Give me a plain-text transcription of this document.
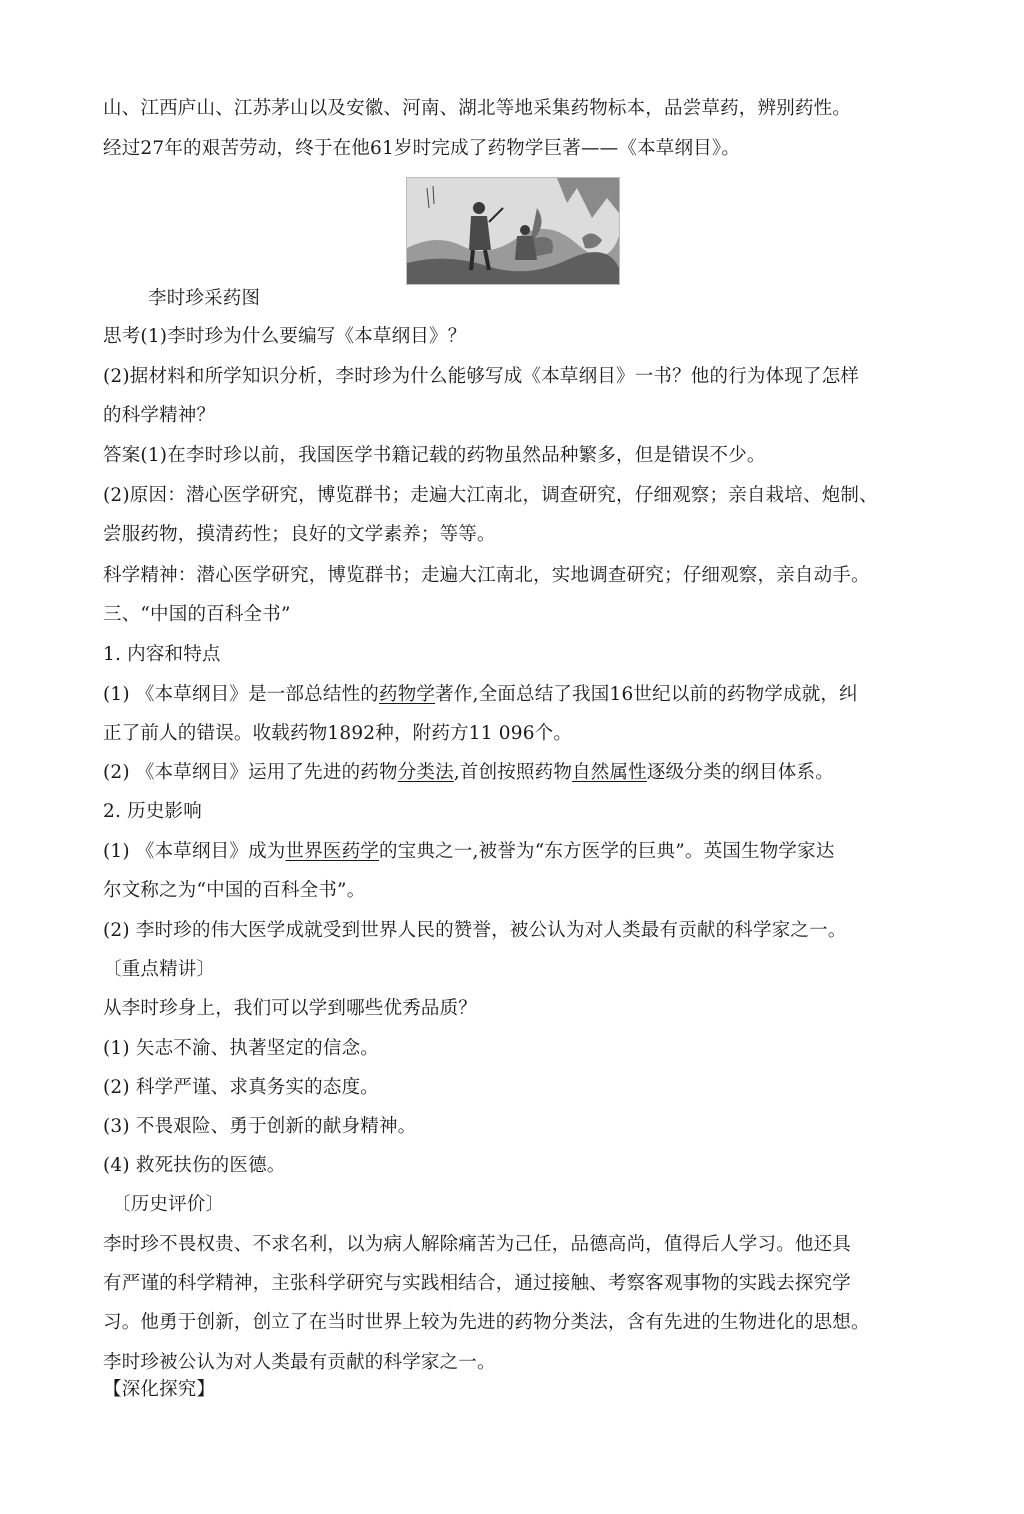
山、江西庐山、江苏茅山以及安徽、河南、湖北等地采集药物标本，品尝草药，辨别药性。
经过27年的艰苦劳动，终于在他61岁时完成了药物学巨著——《本草纲目》。
李时珍采药图
思考(1)李时珍为什么要编写《本草纲目》？
(2)据材料和所学知识分析，李时珍为什么能够写成《本草纲目》一书？他的行为体现了怎样
的科学精神？
答案(1)在李时珍以前，我国医学书籍记载的药物虽然品种繁多，但是错误不少。
(2)原因：潜心医学研究，博览群书；走遍大江南北，调查研究，仔细观察；亲自栽培、炮制、
尝服药物，摸清药性；良好的文学素养；等等。
科学精神：潜心医学研究，博览群书；走遍大江南北，实地调查研究；仔细观察，亲自动手。
三、“中国的百科全书”
1. 内容和特点
(1) 《本草纲目》是一部总结性的药物学著作,全面总结了我国16世纪以前的药物学成就，纠
正了前人的错误。收载药物1892种，附药方11 096个。
(2) 《本草纲目》运用了先进的药物分类法,首创按照药物自然属性逐级分类的纲目体系。
2. 历史影响
(1) 《本草纲目》成为世界医药学的宝典之一,被誉为“东方医学的巨典”。英国生物学家达
尔文称之为“中国的百科全书”。
(2) 李时珍的伟大医学成就受到世界人民的赞誉，被公认为对人类最有贡献的科学家之一。
〔重点精讲〕
从李时珍身上，我们可以学到哪些优秀品质？
(1) 矢志不渝、执著坚定的信念。
(2) 科学严谨、求真务实的态度。
(3) 不畏艰险、勇于创新的献身精神。
(4) 救死扶伤的医德。
〔历史评价〕
李时珍不畏权贵、不求名利，以为病人解除痛苦为己任，品德高尚，值得后人学习。他还具
有严谨的科学精神，主张科学研究与实践相结合，通过接触、考察客观事物的实践去探究学
习。他勇于创新，创立了在当时世界上较为先进的药物分类法，含有先进的生物进化的思想。
李时珍被公认为对人类最有贡献的科学家之一。
【深化探究】
